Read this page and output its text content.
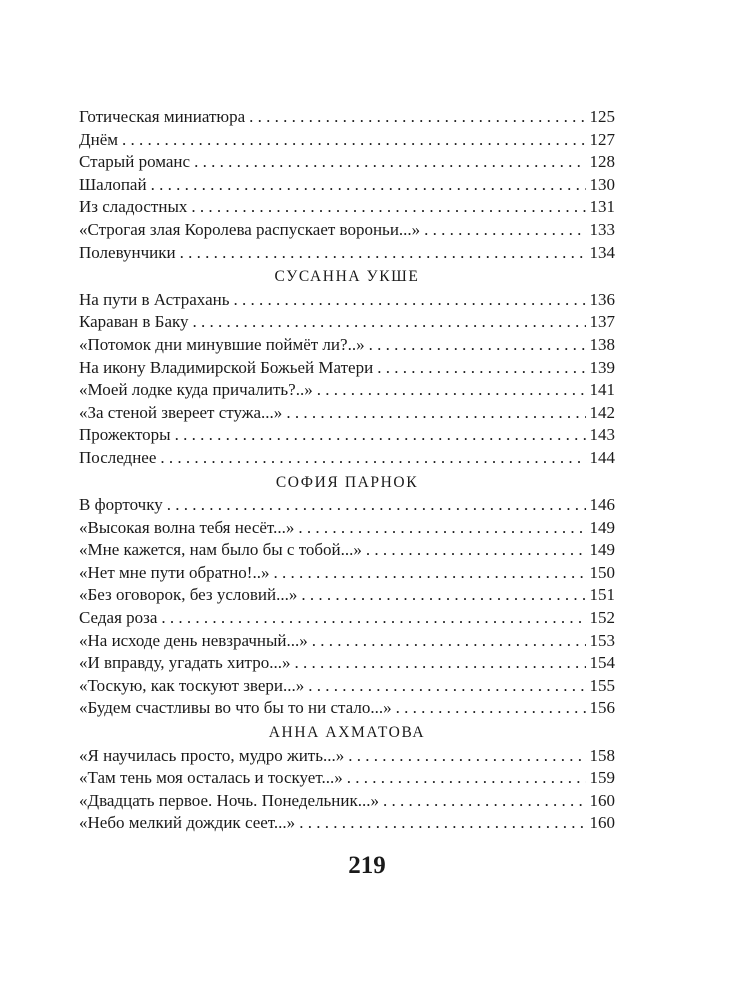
Готическая миниатюра . . .	125
Днём . . .	127
Старый романс . . .	128
Шалопай . . .	130
Из сладостных . . .	131
«Строгая злая Королева распускает вороньи...» . . .	133
Полевунчики . . .	134
СУСАННА УКШЕ
На пути в Астрахань . . .	136
Караван в Баку . . .	137
«Потомок дни минувшие поймёт ли?..» . . .	138
На икону Владимирской Божьей Матери . . .	139
«Моей лодке куда причалить?..» . . .	141
«За стеной звереет стужа...» . . .	142
Прожекторы . . .	143
Последнее . . .	144
СОФИЯ ПАРНОК
В форточку . . .	146
«Высокая волна тебя несёт...» . . .	149
«Мне кажется, нам было бы с тобой...» . . .	149
«Нет мне пути обратно!..» . . .	150
«Без оговорок, без условий...» . . .	151
Седая роза . . .	152
«На исходе день невзрачный...» . . .	153
«И вправду, угадать хитро...» . . .	154
«Тоскую, как тоскуют звери...» . . .	155
«Будем счастливы во что бы то ни стало...» . . .	156
АННА АХМАТОВА
«Я научилась просто, мудро жить...» . . .	158
«Там тень моя осталась и тоскует...» . . .	159
«Двадцать первое. Ночь. Понедельник...» . . .	160
«Небо мелкий дождик сеет...» . . .	160
219
